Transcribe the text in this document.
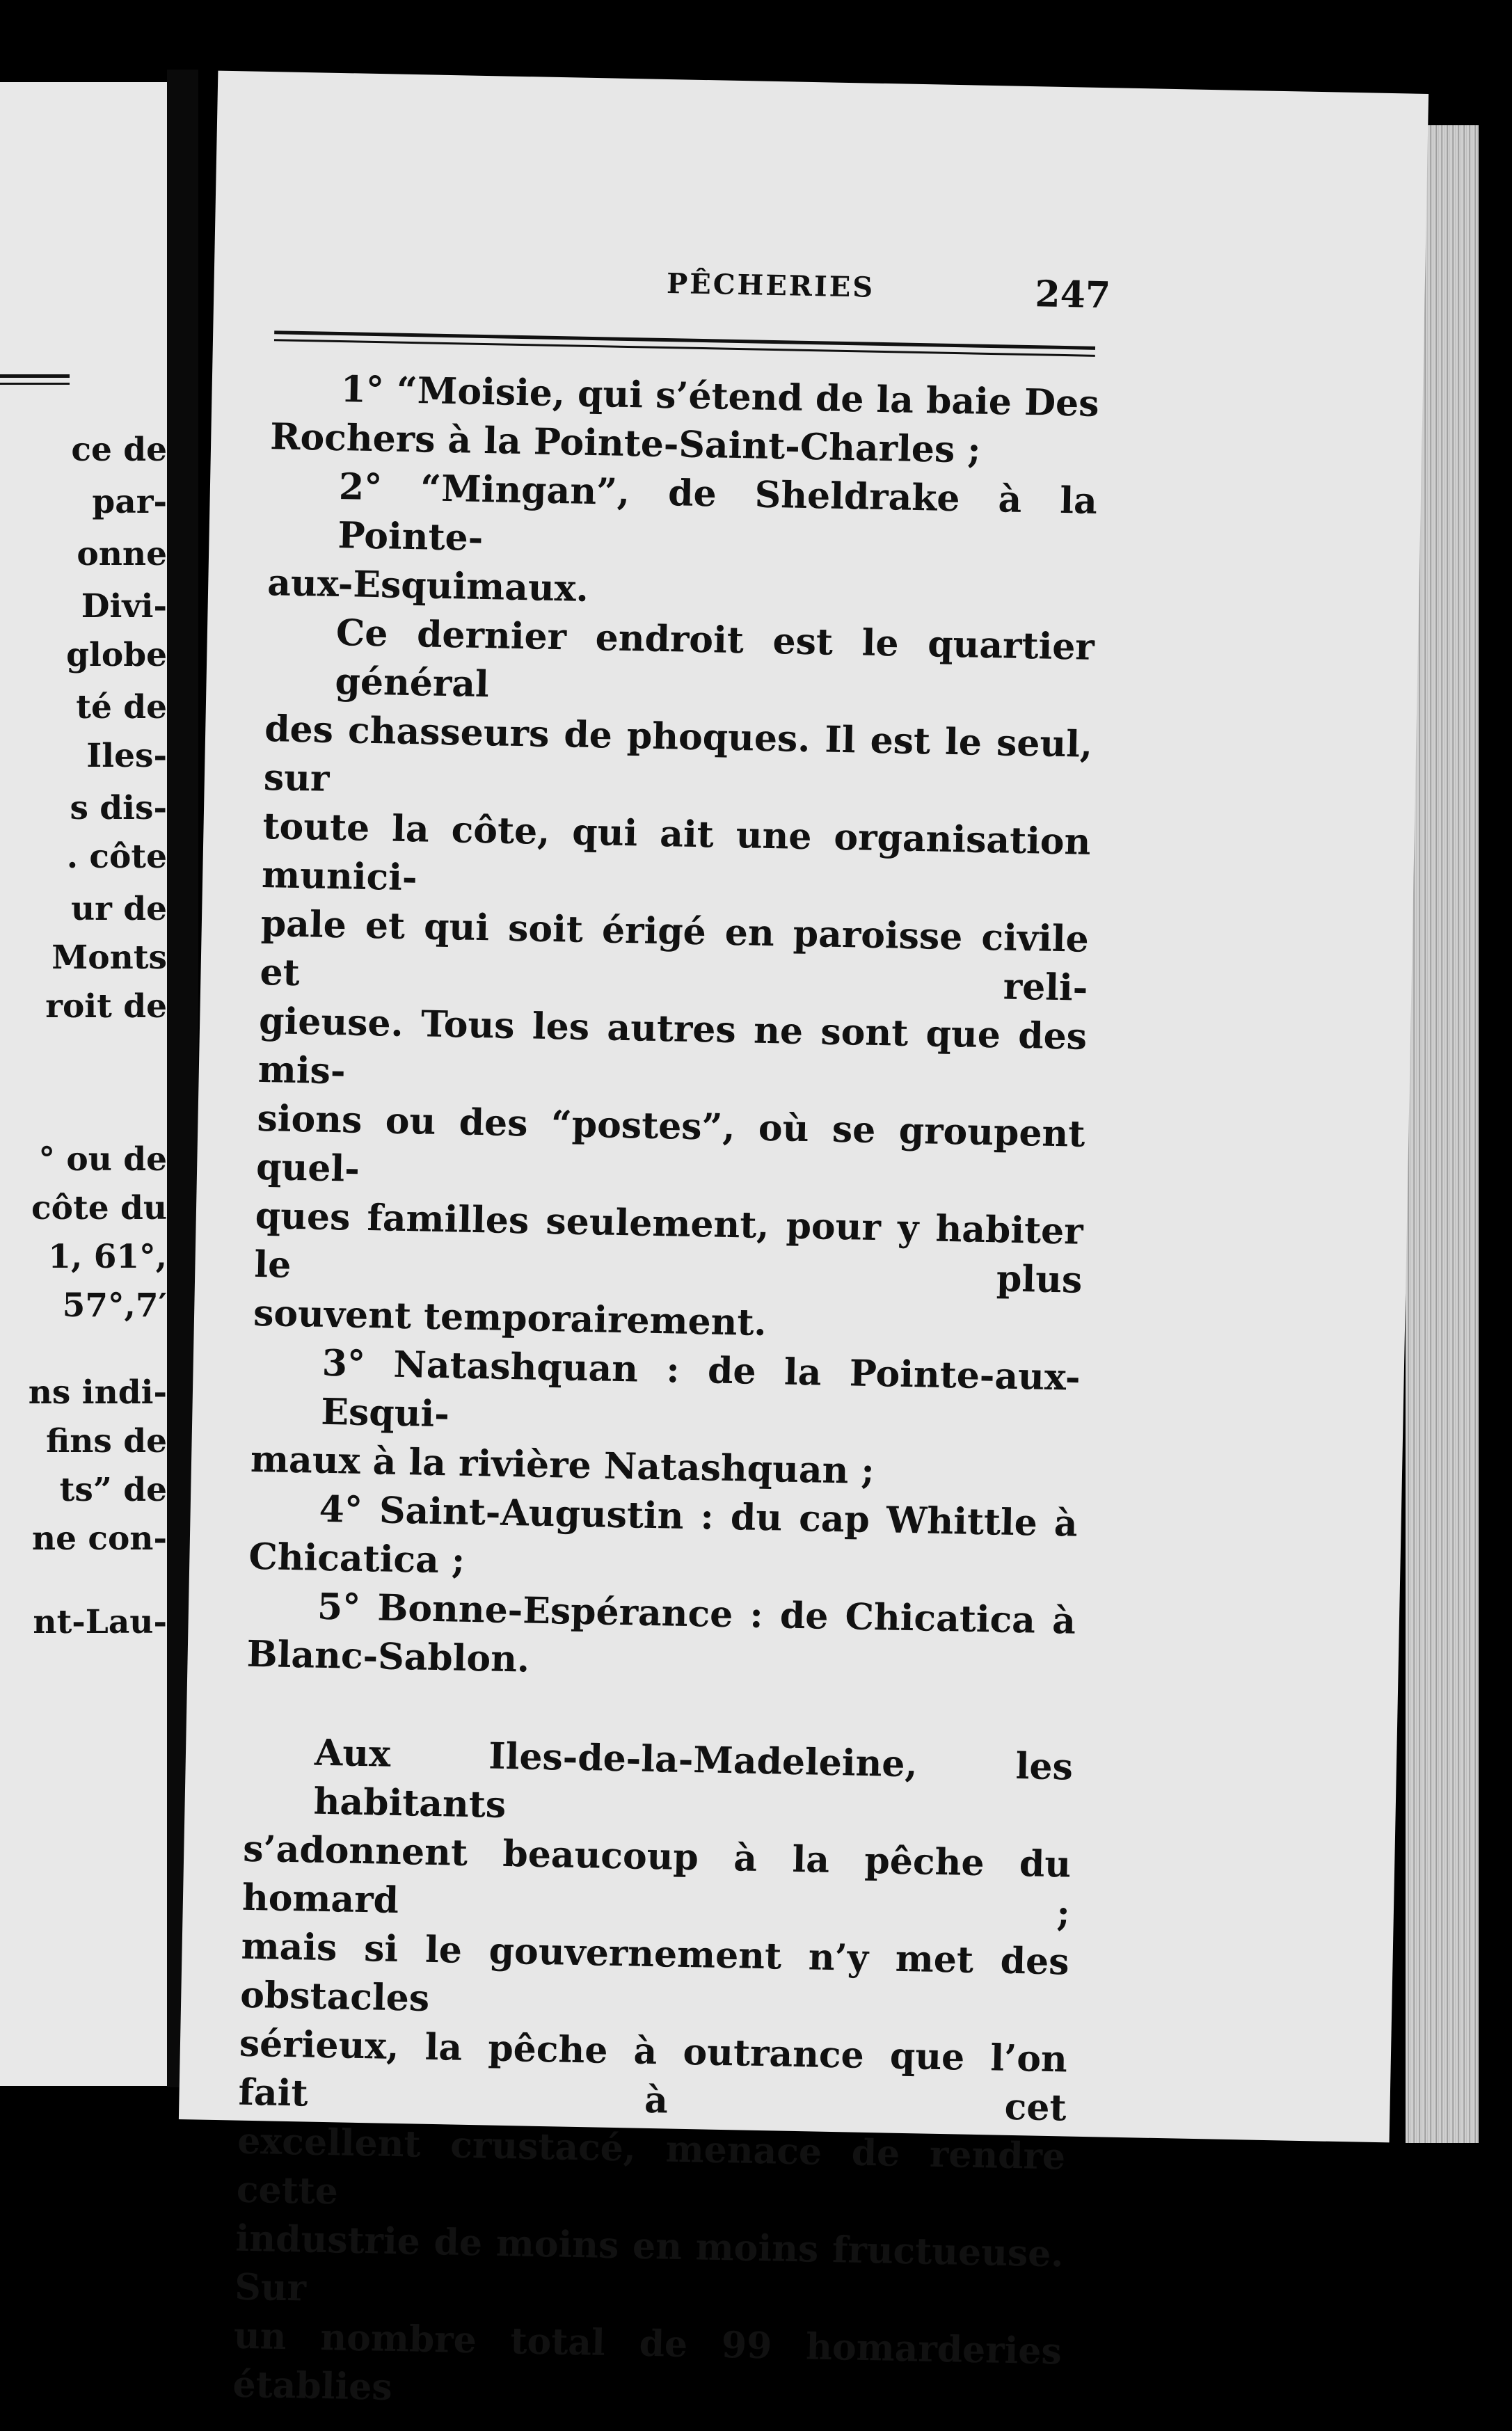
ce de
par-
onne
Divi-
globe
té de
Iles-
s dis-
. côte
ur de
Monts
roit de
° ou de
côte du
1, 61°,
57°,7′
ns indi-
fins de
ts” de
ne con-
nt-Lau-
PÊCHERIES	247

1° “Moisie, qui s’étend de la baie Des
Rochers à la Pointe-Saint-Charles ;

2° “Mingan”, de Sheldrake à la Pointe-
aux-Esquimaux.

Ce dernier endroit est le quartier général
des chasseurs de phoques. Il est le seul, sur
toute la côte, qui ait une organisation munici-
pale et qui soit érigé en paroisse civile et reli-
gieuse. Tous les autres ne sont que des mis-
sions ou des “postes”, où se groupent quel-
ques familles seulement, pour y habiter le plus
souvent temporairement.

3° Natashquan : de la Pointe-aux-Esqui-
maux à la rivière Natashquan ;

4° Saint-Augustin : du cap Whittle à
Chicatica ;

5° Bonne-Espérance : de Chicatica à
Blanc-Sablon.

Aux Iles-de-la-Madeleine, les habitants
s’adonnent beaucoup à la pêche du homard ;
mais si le gouvernement n’y met des obstacles
sérieux, la pêche à outrance que l’on fait à cet
excellent crustacé, menace de rendre cette
industrie de moins en moins fructueuse. Sur
un nombre total de 99 homarderies établies
